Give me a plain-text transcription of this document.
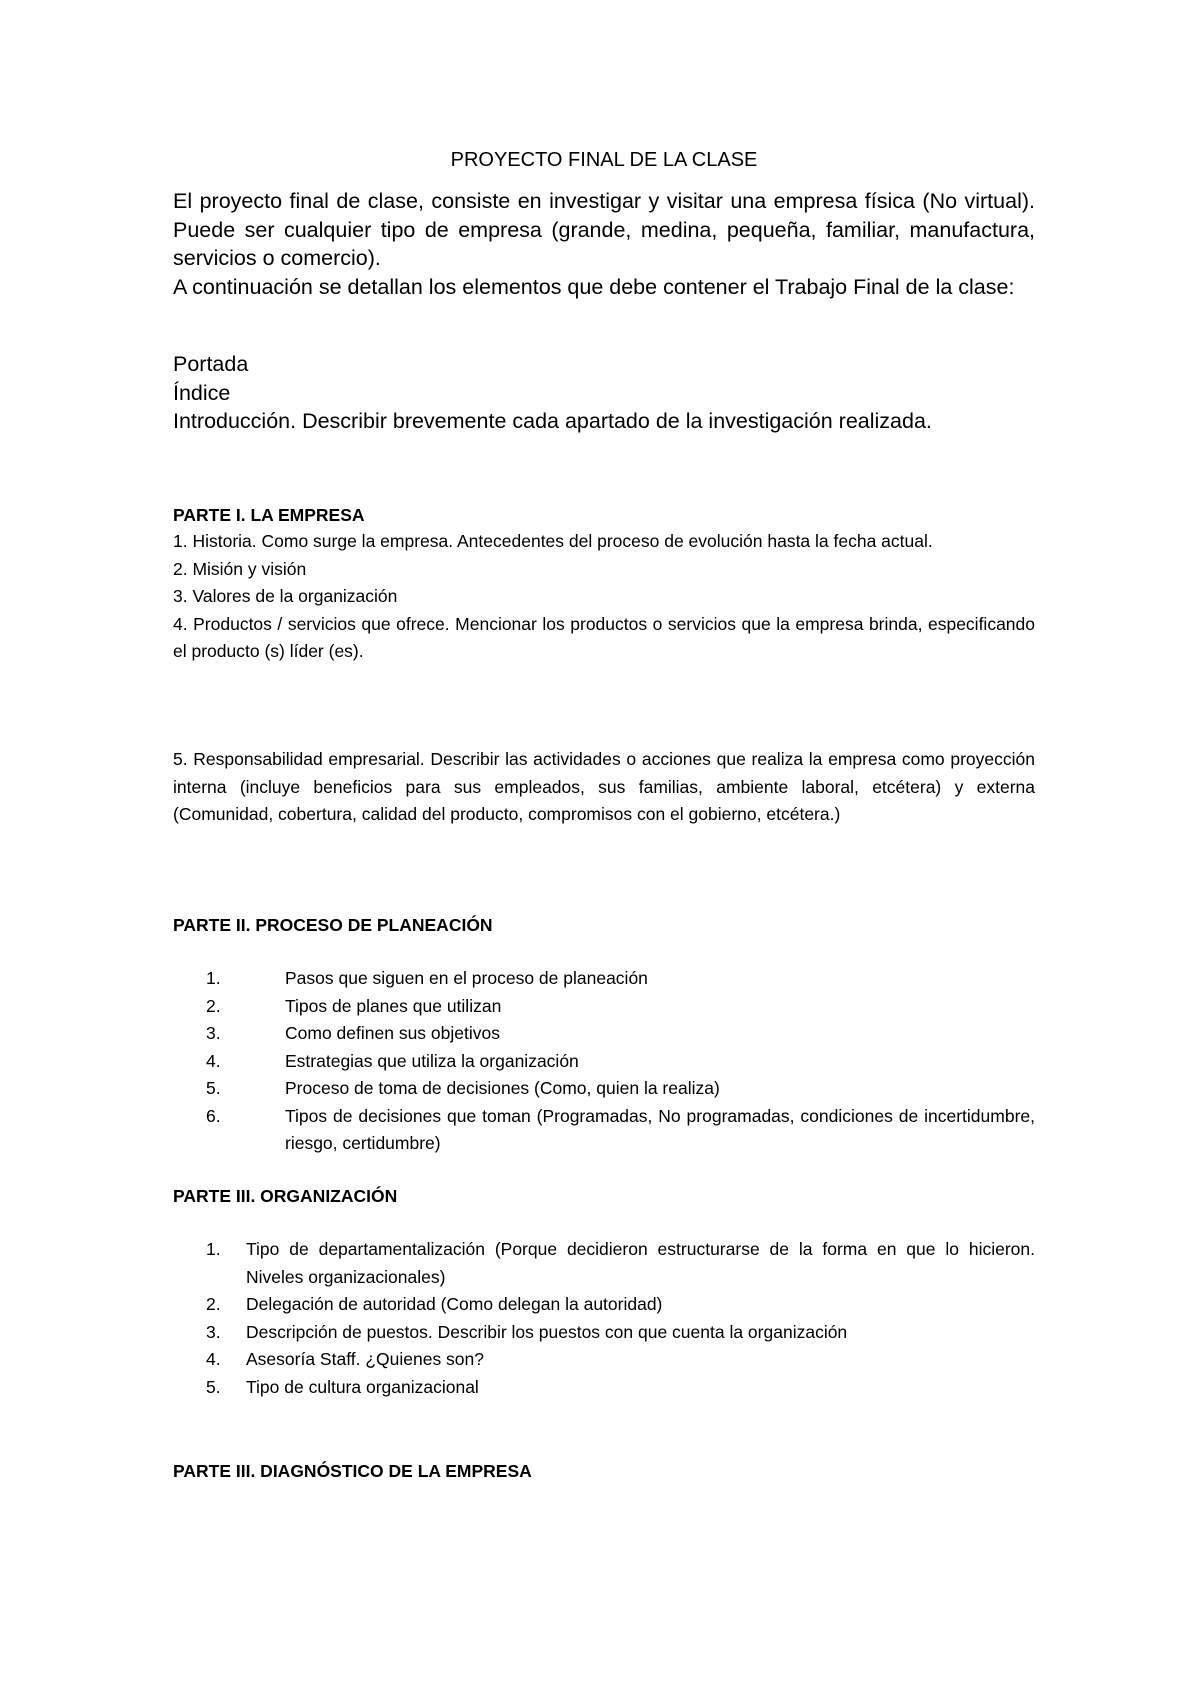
PROYECTO FINAL DE LA CLASE

El proyecto final de clase, consiste en investigar y visitar una empresa física (No virtual). Puede ser cualquier tipo de empresa (grande, medina, pequeña, familiar, manufactura, servicios o comercio).

A continuación se detallan los elementos que debe contener el Trabajo Final de la clase:

Portada

Índice

Introducción. Describir brevemente cada apartado de la investigación realizada.

PARTE I. LA EMPRESA

1. Historia. Como surge la empresa. Antecedentes del proceso de evolución hasta la fecha actual.

2. Misión y visión

3. Valores de la organización

4. Productos / servicios que ofrece. Mencionar los productos o servicios que la empresa brinda, especificando el producto (s) líder (es).

5. Responsabilidad empresarial. Describir las actividades o acciones que realiza la empresa como proyección interna (incluye beneficios para sus empleados, sus familias, ambiente laboral, etcétera) y externa (Comunidad, cobertura, calidad del producto, compromisos con el gobierno, etcétera.)

PARTE II. PROCESO DE PLANEACIÓN

1.	Pasos que siguen en el proceso de planeación
2.	Tipos de planes que utilizan
3.	Como definen sus objetivos
4.	Estrategias que utiliza la organización
5.	Proceso de toma de decisiones (Como, quien la realiza)
6.	Tipos de decisiones que toman (Programadas, No programadas, condiciones de incertidumbre, riesgo, certidumbre)

PARTE III. ORGANIZACIÓN

1. Tipo de departamentalización (Porque decidieron estructurarse de la forma en que lo hicieron. Niveles organizacionales)
2. Delegación de autoridad (Como delegan la autoridad)
3. Descripción de puestos. Describir los puestos con que cuenta la organización
4. Asesoría Staff. ¿Quienes son?
5. Tipo de cultura organizacional

PARTE III. DIAGNÓSTICO DE LA EMPRESA
